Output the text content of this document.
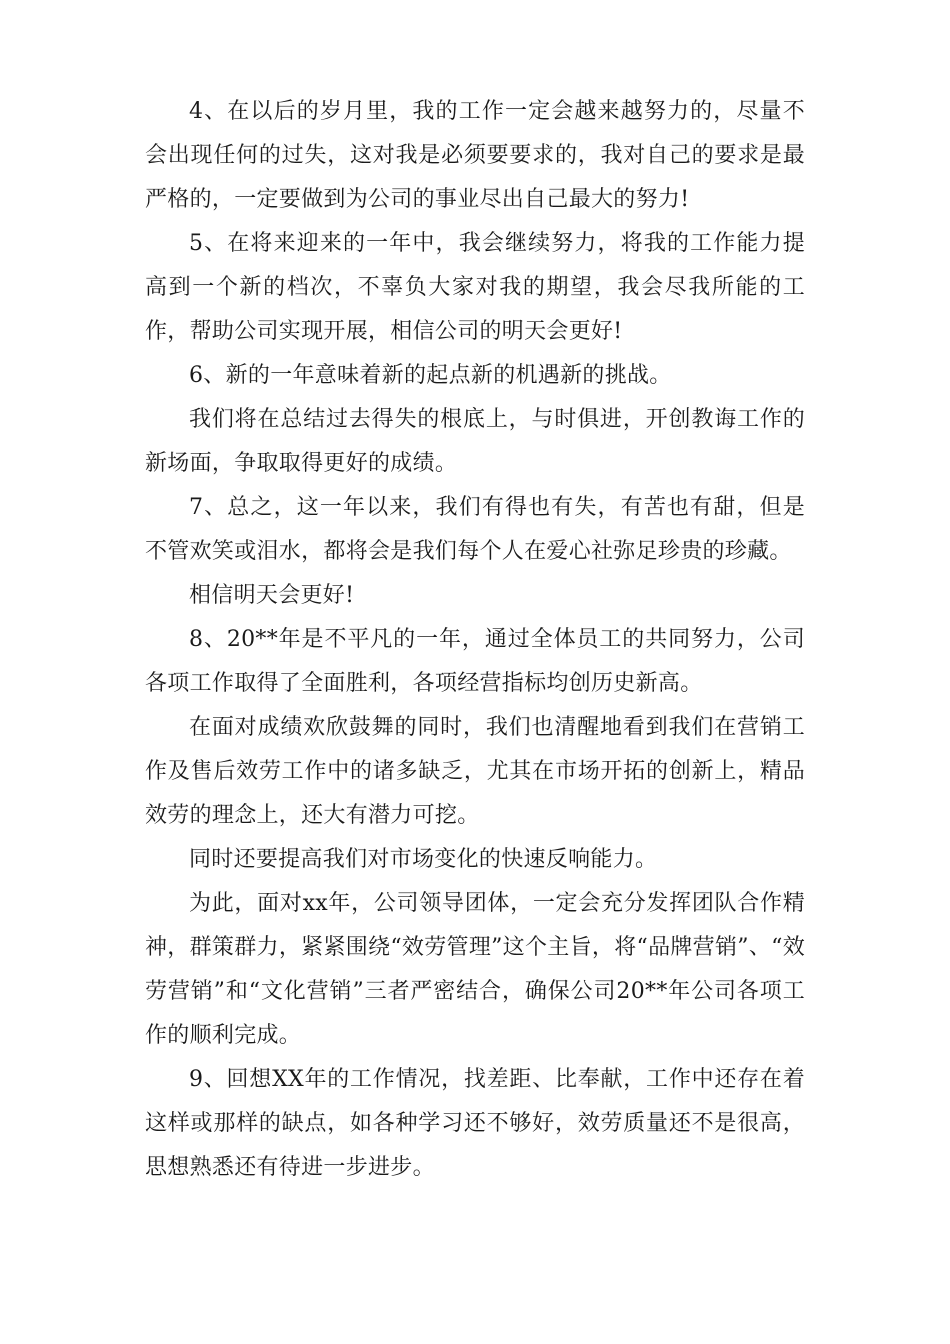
4、在以后的岁月里，我的工作一定会越来越努力的，尽量不会出现任何的过失，这对我是必须要要求的，我对自己的要求是最严格的，一定要做到为公司的事业尽出自己最大的努力!

5、在将来迎来的一年中，我会继续努力，将我的工作能力提高到一个新的档次，不辜负大家对我的期望，我会尽我所能的工作，帮助公司实现开展，相信公司的明天会更好!

6、新的一年意味着新的起点新的机遇新的挑战。

我们将在总结过去得失的根底上，与时俱进，开创教诲工作的新场面，争取取得更好的成绩。

7、总之，这一年以来，我们有得也有失，有苦也有甜，但是不管欢笑或泪水，都将会是我们每个人在爱心社弥足珍贵的珍藏。

相信明天会更好!

8、20**年是不平凡的一年，通过全体员工的共同努力，公司各项工作取得了全面胜利，各项经营指标均创历史新高。

在面对成绩欢欣鼓舞的同时，我们也清醒地看到我们在营销工作及售后效劳工作中的诸多缺乏，尤其在市场开拓的创新上，精品效劳的理念上，还大有潜力可挖。

同时还要提高我们对市场变化的快速反响能力。

为此，面对xx年，公司领导团体，一定会充分发挥团队合作精神，群策群力，紧紧围绕“效劳管理”这个主旨，将“品牌营销”、“效劳营销”和“文化营销”三者严密结合，确保公司20**年公司各项工作的顺利完成。

9、回想XX年的工作情况，找差距、比奉献，工作中还存在着这样或那样的缺点，如各种学习还不够好，效劳质量还不是很高，思想熟悉还有待进一步进步。
